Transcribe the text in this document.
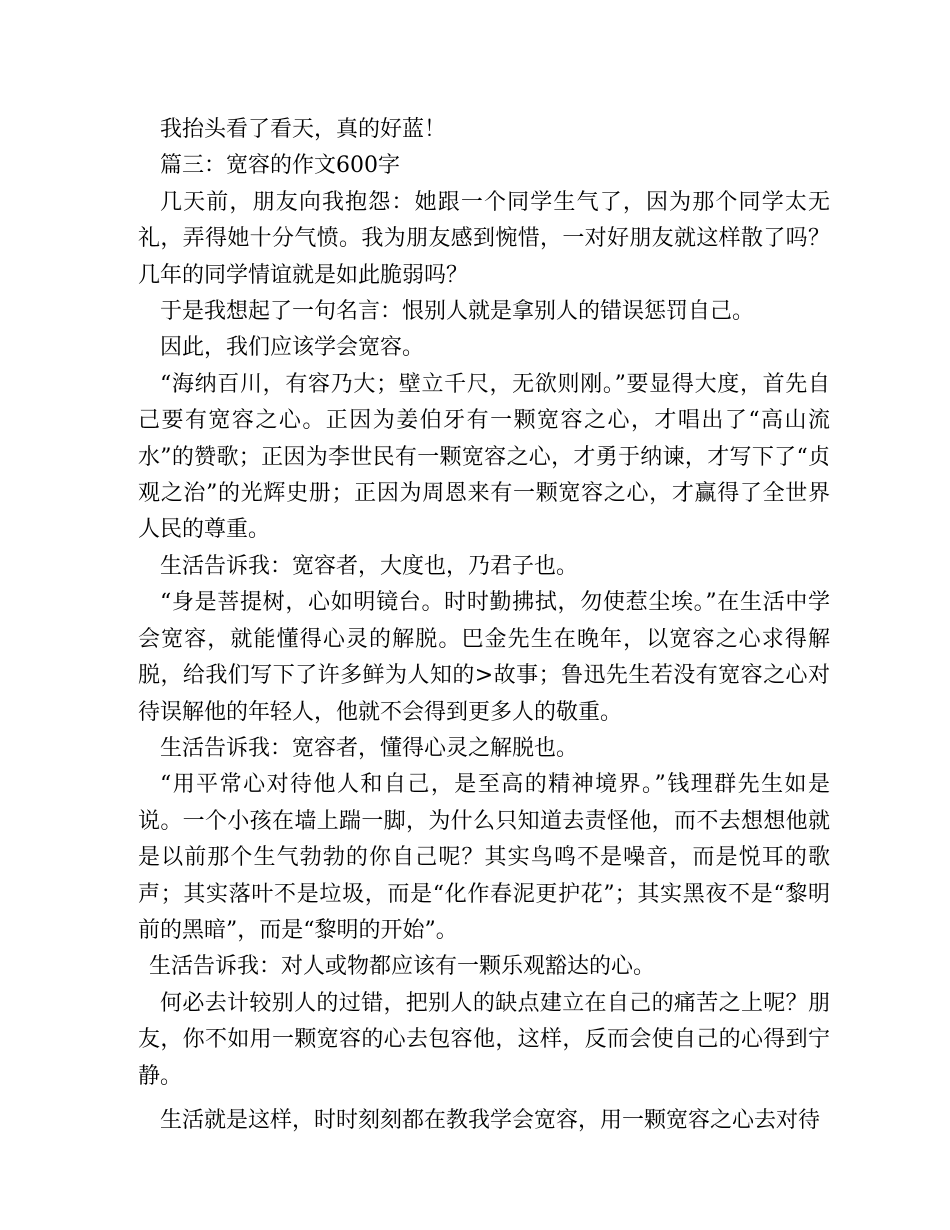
我抬头看了看天，真的好蓝！

篇三：宽容的作文600字

几天前，朋友向我抱怨：她跟一个同学生气了，因为那个同学太无礼，弄得她十分气愤。我为朋友感到惋惜，一对好朋友就这样散了吗？几年的同学情谊就是如此脆弱吗？

于是我想起了一句名言：恨别人就是拿别人的错误惩罚自己。

因此，我们应该学会宽容。

“海纳百川，有容乃大；壁立千尺，无欲则刚。”要显得大度，首先自己要有宽容之心。正因为姜伯牙有一颗宽容之心，才唱出了“高山流水”的赞歌；正因为李世民有一颗宽容之心，才勇于纳谏，才写下了“贞观之治”的光辉史册；正因为周恩来有一颗宽容之心，才赢得了全世界人民的尊重。

生活告诉我：宽容者，大度也，乃君子也。

“身是菩提树，心如明镜台。时时勤拂拭，勿使惹尘埃。”在生活中学会宽容，就能懂得心灵的解脱。巴金先生在晚年，以宽容之心求得解脱，给我们写下了许多鲜为人知的>故事；鲁迅先生若没有宽容之心对待误解他的年轻人，他就不会得到更多人的敬重。

生活告诉我：宽容者，懂得心灵之解脱也。

“用平常心对待他人和自己，是至高的精神境界。”钱理群先生如是说。一个小孩在墙上踹一脚，为什么只知道去责怪他，而不去想想他就是以前那个生气勃勃的你自己呢？其实鸟鸣不是噪音，而是悦耳的歌声；其实落叶不是垃圾，而是“化作春泥更护花”；其实黑夜不是“黎明前的黑暗”，而是“黎明的开始”。

生活告诉我：对人或物都应该有一颗乐观豁达的心。

何必去计较别人的过错，把别人的缺点建立在自己的痛苦之上呢？朋友，你不如用一颗宽容的心去包容他，这样，反而会使自己的心得到宁静。

生活就是这样，时时刻刻都在教我学会宽容，用一颗宽容之心去对待
